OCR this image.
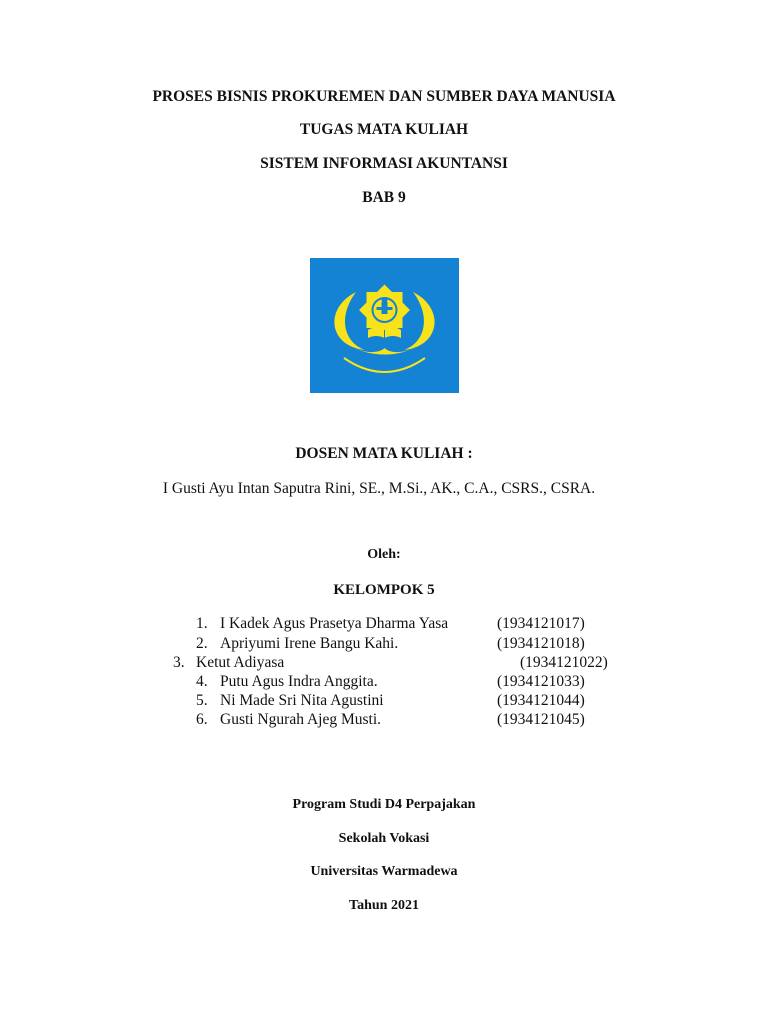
PROSES BISNIS PROKUREMEN DAN SUMBER DAYA MANUSIA
TUGAS MATA KULIAH
SISTEM INFORMASI AKUNTANSI
BAB 9
DOSEN MATA KULIAH :
I Gusti Ayu Intan Saputra Rini, SE., M.Si., AK., C.A., CSRS., CSRA.
Oleh:
KELOMPOK 5
1. I Kadek Agus Prasetya Dharma Yasa	(1934121017)
2. Apriyumi Irene Bangu Kahi.	(1934121018)
3. Ketut Adiyasa	(1934121022)
4. Putu Agus Indra Anggita.	(1934121033)
5. Ni Made Sri Nita Agustini	(1934121044)
6. Gusti Ngurah Ajeg Musti.	(1934121045)
Program Studi D4 Perpajakan
Sekolah Vokasi
Universitas Warmadewa
Tahun 2021
